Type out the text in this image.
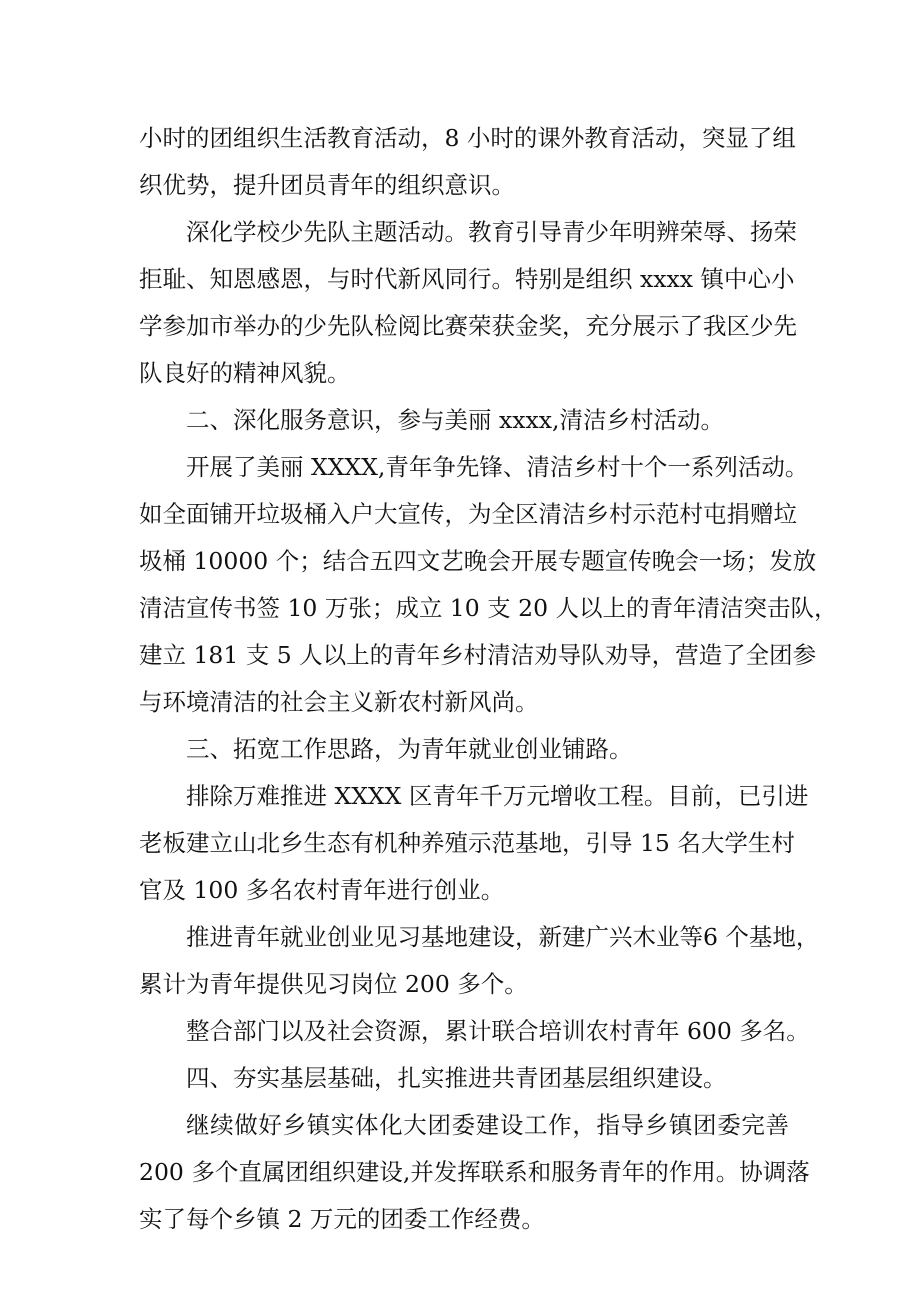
小时的团组织生活教育活动，8 小时的课外教育活动，突显了组
织优势，提升团员青年的组织意识。
深化学校少先队主题活动。教育引导青少年明辨荣辱、扬荣
拒耻、知恩感恩，与时代新风同行。特别是组织 xxxx 镇中心小
学参加市举办的少先队检阅比赛荣获金奖，充分展示了我区少先
队良好的精神风貌。
二、深化服务意识，参与美丽 xxxx,清洁乡村活动。
开展了美丽 XXXX,青年争先锋、清洁乡村十个一系列活动。
如全面铺开垃圾桶入户大宣传，为全区清洁乡村示范村屯捐赠垃
圾桶 10000 个；结合五四文艺晚会开展专题宣传晚会一场；发放
清洁宣传书签 10 万张；成立 10 支 20 人以上的青年清洁突击队，
建立 181 支 5 人以上的青年乡村清洁劝导队劝导，营造了全团参
与环境清洁的社会主义新农村新风尚。
三、拓宽工作思路，为青年就业创业铺路。
排除万难推进 XXXX 区青年千万元增收工程。目前，已引进
老板建立山北乡生态有机种养殖示范基地，引导 15 名大学生村
官及 100 多名农村青年进行创业。
推进青年就业创业见习基地建设，新建广兴木业等6 个基地，
累计为青年提供见习岗位 200 多个。
整合部门以及社会资源，累计联合培训农村青年 600 多名。
四、夯实基层基础，扎实推进共青团基层组织建设。
继续做好乡镇实体化大团委建设工作，指导乡镇团委完善
200 多个直属团组织建设,并发挥联系和服务青年的作用。协调落
实了每个乡镇 2 万元的团委工作经费。
